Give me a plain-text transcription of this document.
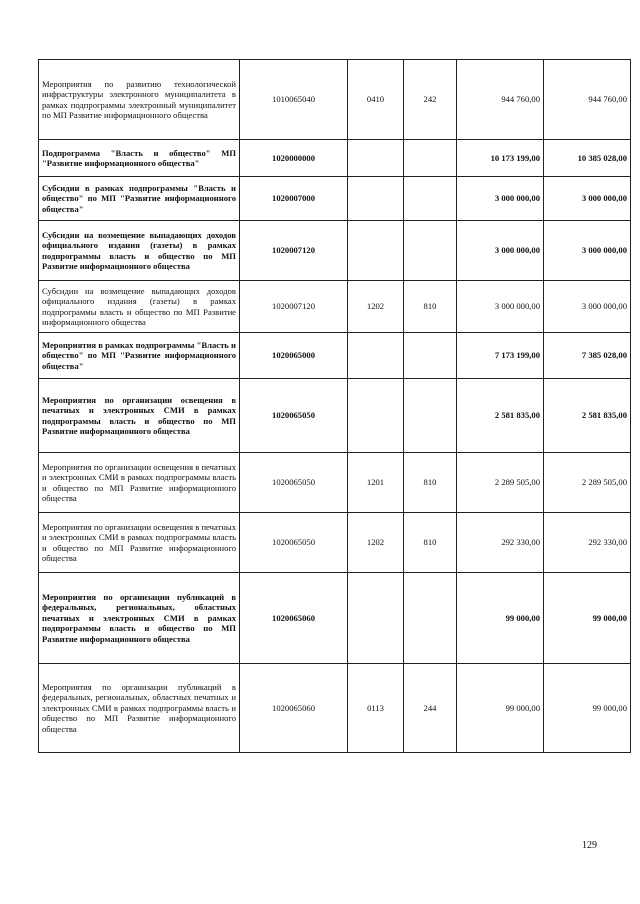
Мероприятия по развитию технологической инфраструктуры электронного муниципалитета в рамках подпрограммы электронный муниципалитет по МП Развитие информационного общества	1010065040	0410	242	944 760,00	944 760,00
Подпрограмма "Власть и общество" МП "Развитие информационного общества"	1020000000			10 173 199,00	10 385 028,00
Субсидии в рамках подпрограммы "Власть и общество" по МП "Развитие информационного общества"	1020007000			3 000 000,00	3 000 000,00
Субсидии на возмещение выпадающих доходов официального издания (газеты) в рамках подпрограммы власть и общество по МП Развитие информационного общества	1020007120			3 000 000,00	3 000 000,00
Субсидии на возмещение выпадающих доходов официального издания (газеты) в рамках подпрограммы власть и общество по МП Развитие информационного общества	1020007120	1202	810	3 000 000,00	3 000 000,00
Мероприятия в рамках подпрограммы "Власть и общество" по МП "Развитие информационного общества"	1020065000			7 173 199,00	7 385 028,00
Мероприятия по организации освещения в печатных и электронных СМИ в рамках подпрограммы власть и общество по МП Развитие информационного общества	1020065050			2 581 835,00	2 581 835,00
Мероприятия по организации освещения в печатных и электронных СМИ в рамках подпрограммы власть и общество по МП Развитие информационного общества	1020065050	1201	810	2 289 505,00	2 289 505,00
Мероприятия по организации освещения в печатных и электронных СМИ в рамках подпрограммы власть и общество по МП Развитие информационного общества	1020065050	1202	810	292 330,00	292 330,00
Мероприятия по организации публикаций в федеральных, региональных, областных печатных и электронных СМИ в рамках подпрограммы власть и общество по МП Развитие информационного общества	1020065060			99 000,00	99 000,00
Мероприятия по организации публикаций в федеральных, региональных, областных печатных и электронных СМИ в рамках подпрограммы власть и общество по МП Развитие информационного общества	1020065060	0113	244	99 000,00	99 000,00
129
